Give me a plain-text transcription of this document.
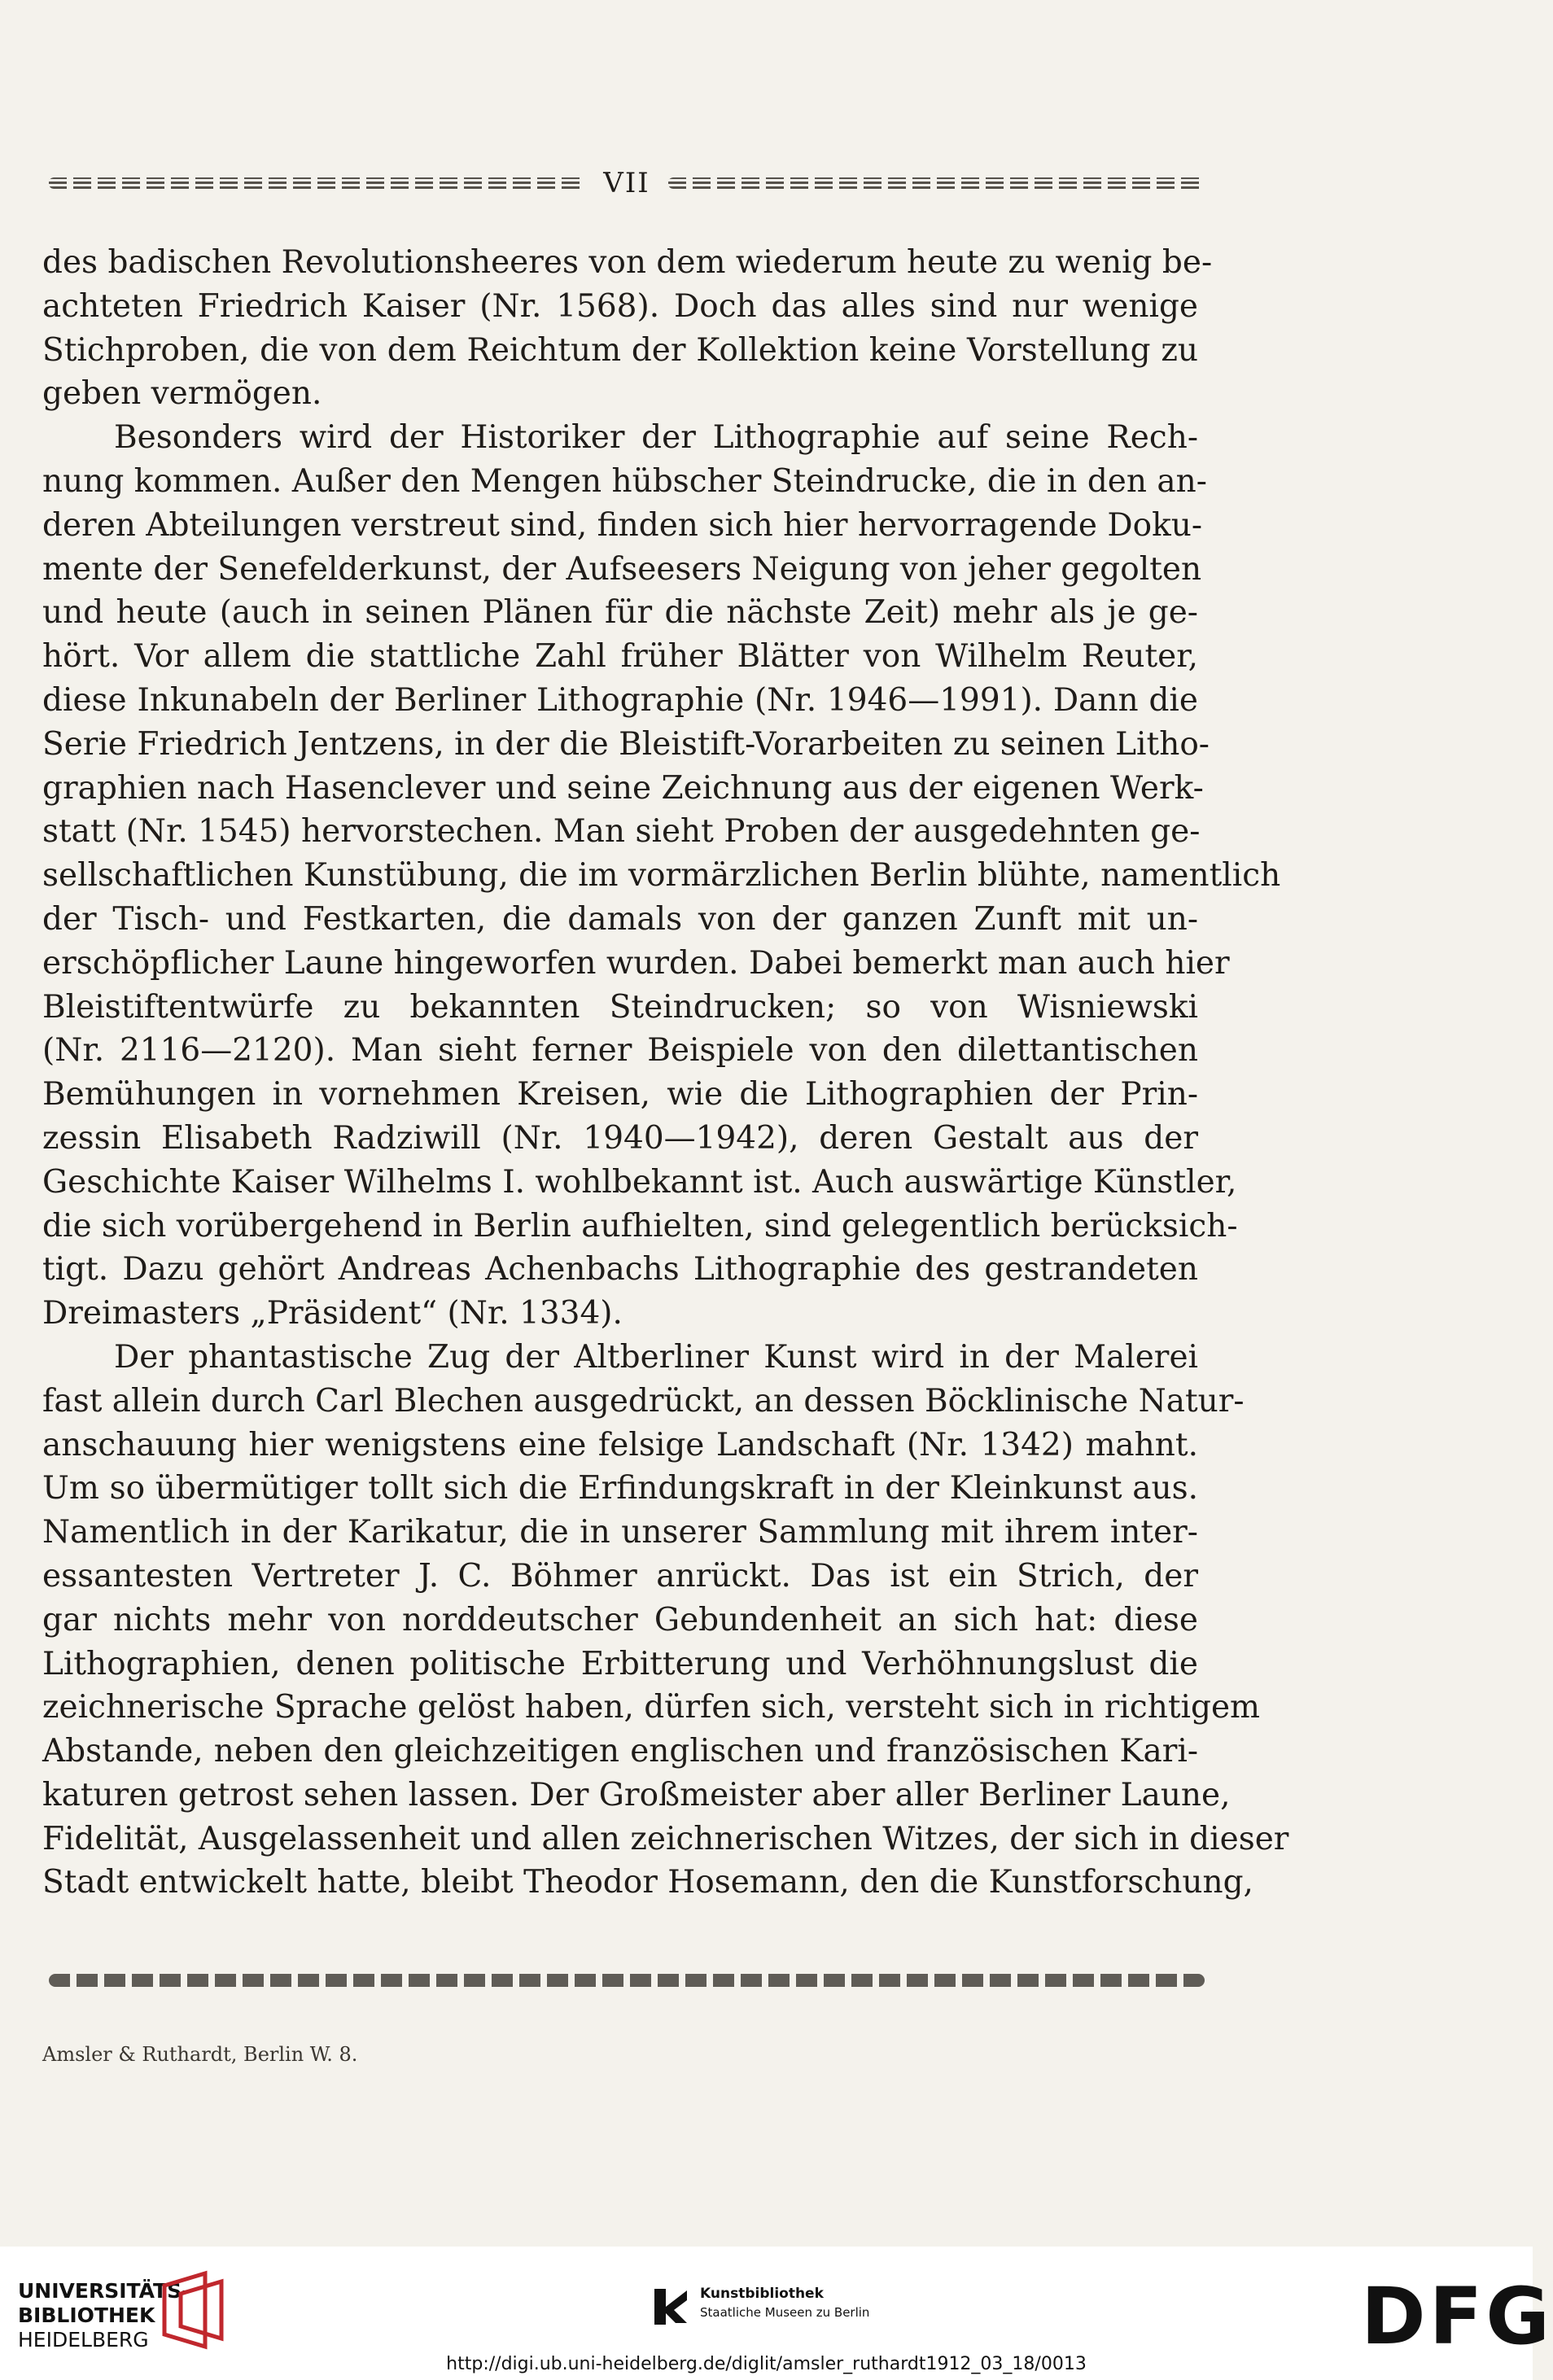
VII
des badischen Revolutionsheeres von dem wiederum heute zu wenig be-
achteten Friedrich Kaiser (Nr. 1568). Doch das alles sind nur wenige
Stichproben, die von dem Reichtum der Kollektion keine Vorstellung zu
geben vermögen.
Besonders wird der Historiker der Lithographie auf seine Rech-
nung kommen. Außer den Mengen hübscher Steindrucke, die in den an-
deren Abteilungen verstreut sind, finden sich hier hervorragende Doku-
mente der Senefelderkunst, der Aufseesers Neigung von jeher gegolten
und heute (auch in seinen Plänen für die nächste Zeit) mehr als je ge-
hört. Vor allem die stattliche Zahl früher Blätter von Wilhelm Reuter,
diese Inkunabeln der Berliner Lithographie (Nr. 1946—1991). Dann die
Serie Friedrich Jentzens, in der die Bleistift-Vorarbeiten zu seinen Litho-
graphien nach Hasenclever und seine Zeichnung aus der eigenen Werk-
statt (Nr. 1545) hervorstechen. Man sieht Proben der ausgedehnten ge-
sellschaftlichen Kunstübung, die im vormärzlichen Berlin blühte, namentlich
der Tisch- und Festkarten, die damals von der ganzen Zunft mit un-
erschöpflicher Laune hingeworfen wurden. Dabei bemerkt man auch hier
Bleistiftentwürfe zu bekannten Steindrucken; so von Wisniewski
(Nr. 2116—2120). Man sieht ferner Beispiele von den dilettantischen
Bemühungen in vornehmen Kreisen, wie die Lithographien der Prin-
zessin Elisabeth Radziwill (Nr. 1940—1942), deren Gestalt aus der
Geschichte Kaiser Wilhelms I. wohlbekannt ist. Auch auswärtige Künstler,
die sich vorübergehend in Berlin aufhielten, sind gelegentlich berücksich-
tigt. Dazu gehört Andreas Achenbachs Lithographie des gestrandeten
Dreimasters „Präsident“ (Nr. 1334).
Der phantastische Zug der Altberliner Kunst wird in der Malerei
fast allein durch Carl Blechen ausgedrückt, an dessen Böcklinische Natur-
anschauung hier wenigstens eine felsige Landschaft (Nr. 1342) mahnt.
Um so übermütiger tollt sich die Erfindungskraft in der Kleinkunst aus.
Namentlich in der Karikatur, die in unserer Sammlung mit ihrem inter-
essantesten Vertreter J. C. Böhmer anrückt. Das ist ein Strich, der
gar nichts mehr von norddeutscher Gebundenheit an sich hat: diese
Lithographien, denen politische Erbitterung und Verhöhnungslust die
zeichnerische Sprache gelöst haben, dürfen sich, versteht sich in richtigem
Abstande, neben den gleichzeitigen englischen und französischen Kari-
katuren getrost sehen lassen. Der Großmeister aber aller Berliner Laune,
Fidelität, Ausgelassenheit und allen zeichnerischen Witzes, der sich in dieser
Stadt entwickelt hatte, bleibt Theodor Hosemann, den die Kunstforschung,
Amsler & Ruthardt, Berlin W. 8.
UNIVERSITÄTS-
BIBLIOTHEK
HEIDELBERG
Kunstbibliothek
Staatliche Museen zu Berlin	DFG
http://digi.ub.uni-heidelberg.de/diglit/amsler_ruthardt1912_03_18/0013
